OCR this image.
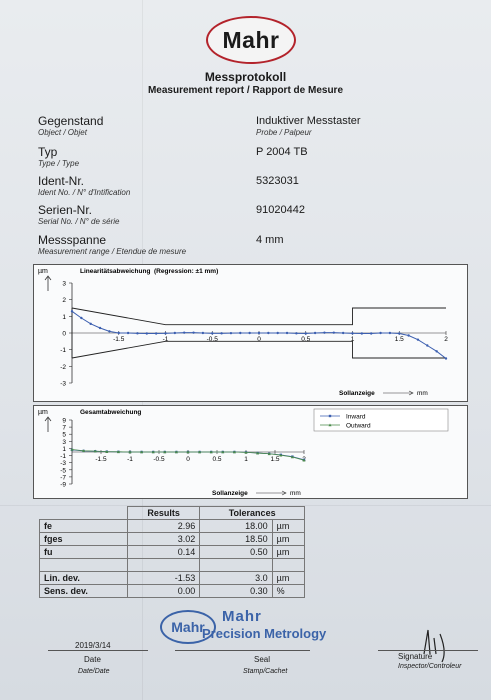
Mahr
Messprotokoll
Measurement report / Rapport de Mesure
Gegenstand
Object / Objet
Induktiver Messtaster
Probe / Palpeur
Typ
Type / Type
P 2004 TB
Ident-Nr.
Ident No. / N° d'Intification
5323031
Serien-Nr.
Serial No. / N° de série
91020442
Messspanne
Measurement range / Etendue de mesure
4 mm
Linearitätsabweichung (Regression: ±1 mm)
µm
3
2
1
0
-1
-2
-3
-1.5	-1	-0.5	0	0.5	1	1.5	2
Sollanzeige	mm
Gesamtabweichung
µm
9
7
5
3
1
-1
-3
-5
-7
-9
-1.5	-1	-0.5	0	0.5	1	1.5
Sollanzeige	mm
Inward
Outward
	Results	Tolerances	
fe	2.96	18.00	µm
fges	3.02	18.50	µm
fu	0.14	0.50	µm

Lin. dev.	-1.53	3.0	µm
Sens. dev.	0.00	0.30	%
Mahr
Mahr
Precision Metrology
2019/3/14
Date
Date/Date
Seal
Stamp/Cachet
Signature
Inspector/Controleur
